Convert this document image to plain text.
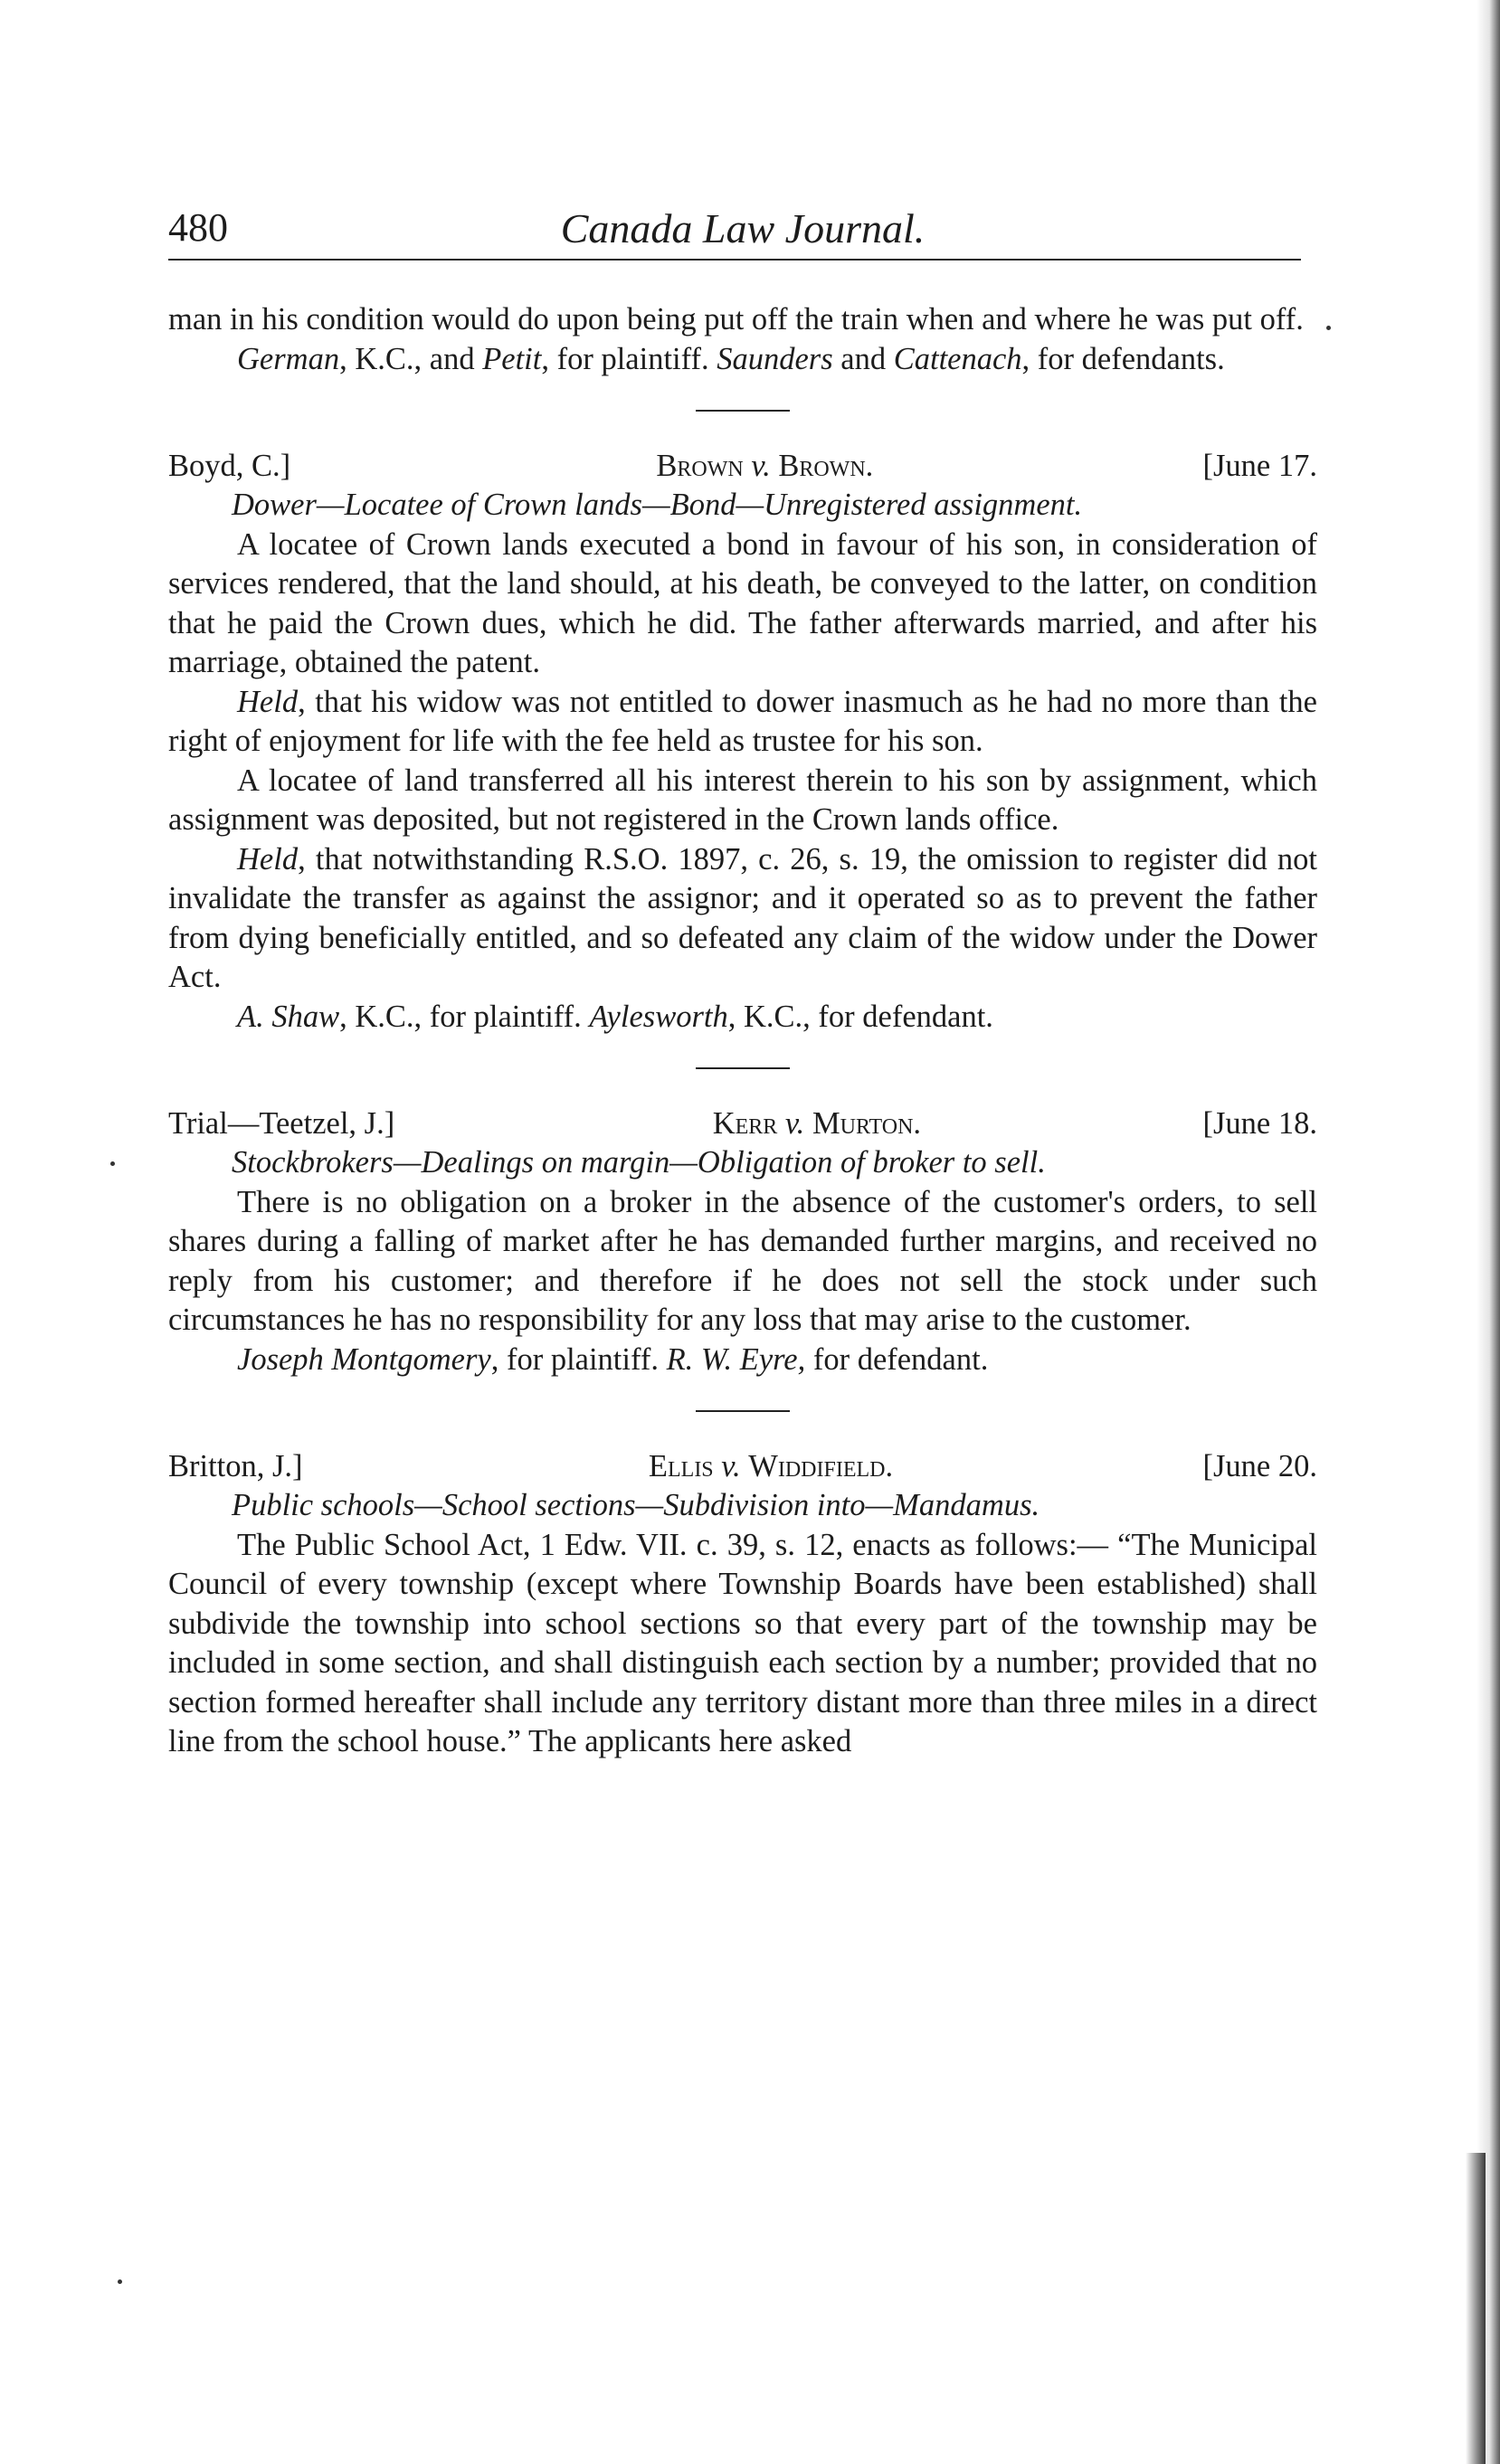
480	Canada Law Journal.

man in his condition would do upon being put off the train when and where he was put off.

German, K.C., and Petit, for plaintiff. Saunders and Cattenach, for defendants.

Boyd, C.]	Brown v. Brown.	[June 17.

Dower—Locatee of Crown lands—Bond—Unregistered assignment.

A locatee of Crown lands executed a bond in favour of his son, in consideration of services rendered, that the land should, at his death, be conveyed to the latter, on condition that he paid the Crown dues, which he did. The father afterwards married, and after his marriage, obtained the patent.

Held, that his widow was not entitled to dower inasmuch as he had no more than the right of enjoyment for life with the fee held as trustee for his son.

A locatee of land transferred all his interest therein to his son by assignment, which assignment was deposited, but not registered in the Crown lands office.

Held, that notwithstanding R.S.O. 1897, c. 26, s. 19, the omission to register did not invalidate the transfer as against the assignor; and it operated so as to prevent the father from dying beneficially entitled, and so defeated any claim of the widow under the Dower Act.

A. Shaw, K.C., for plaintiff. Aylesworth, K.C., for defendant.

Trial—Teetzel, J.]	Kerr v. Murton.	[June 18.

Stockbrokers—Dealings on margin—Obligation of broker to sell.

There is no obligation on a broker in the absence of the customer's orders, to sell shares during a falling of market after he has demanded further margins, and received no reply from his customer; and therefore if he does not sell the stock under such circumstances he has no responsibility for any loss that may arise to the customer.

Joseph Montgomery, for plaintiff. R. W. Eyre, for defendant.

Britton, J.]	Ellis v. Widdifield.	[June 20.

Public schools—School sections—Subdivision into—Mandamus.

The Public School Act, 1 Edw. VII. c. 39, s. 12, enacts as follows:— “The Municipal Council of every township (except where Township Boards have been established) shall subdivide the township into school sections so that every part of the township may be included in some section, and shall distinguish each section by a number; provided that no section formed hereafter shall include any territory distant more than three miles in a direct line from the school house.” The applicants here asked
